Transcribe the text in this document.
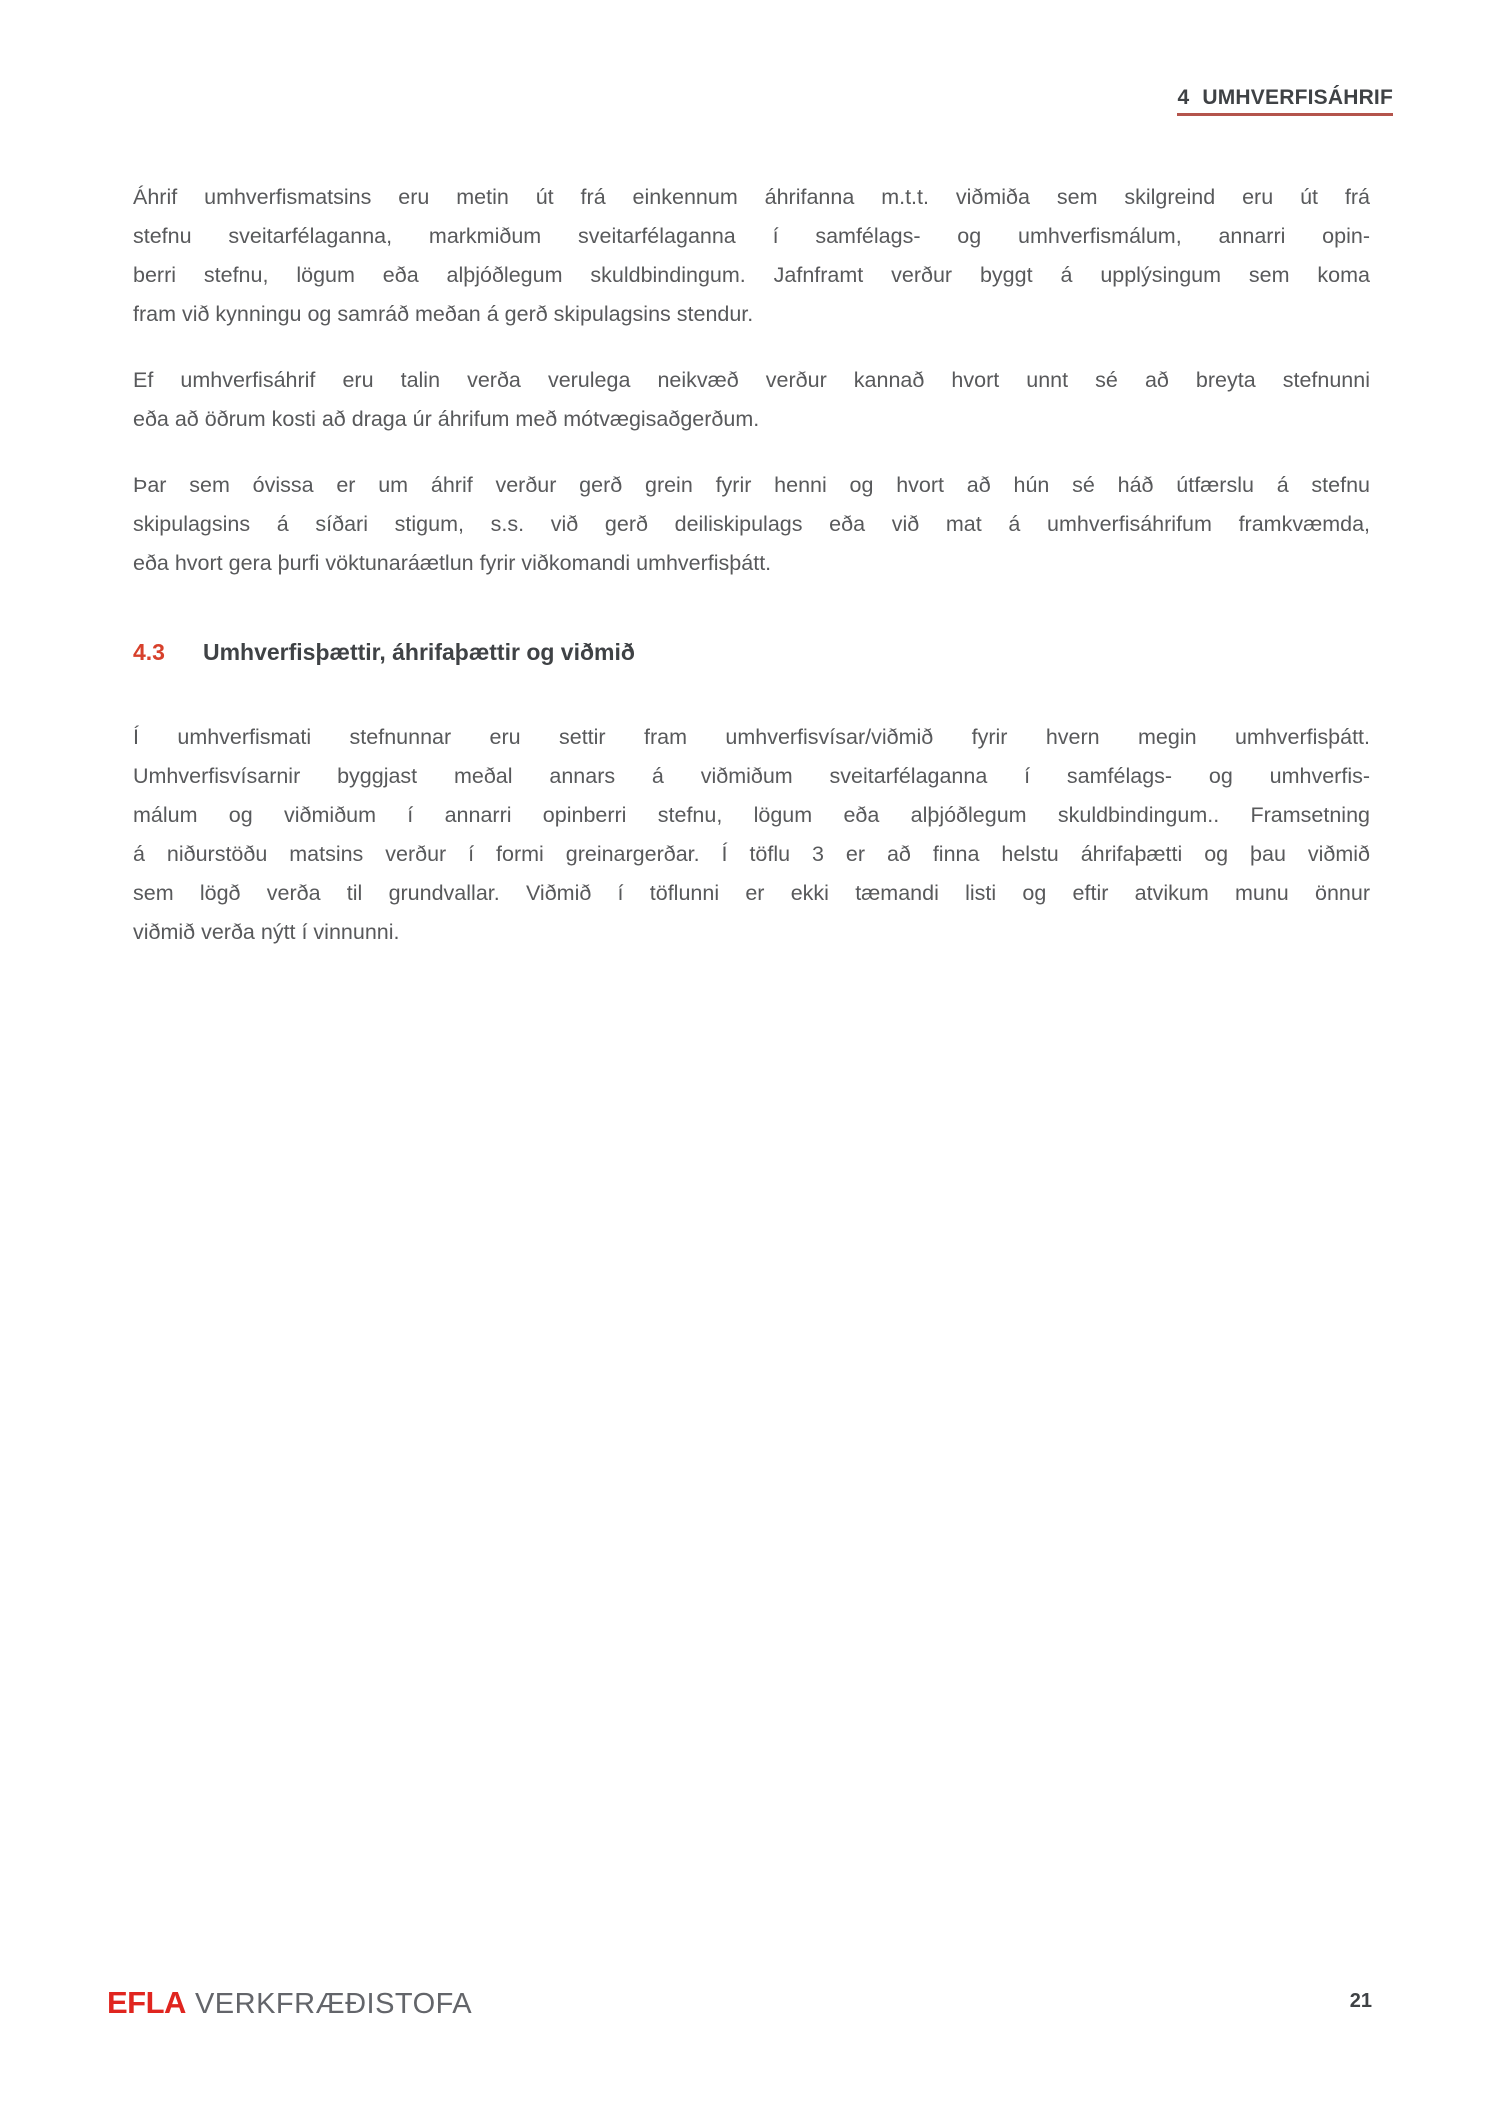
4 UMHVERFISÁHRIF
Áhrif umhverfismatsins eru metin út frá einkennum áhrifanna m.t.t. viðmiða sem skilgreind eru út frá
stefnu sveitarfélaganna, markmiðum sveitarfélaganna í samfélags- og umhverfismálum, annarri opin-
berri stefnu, lögum eða alþjóðlegum skuldbindingum. Jafnframt verður byggt á upplýsingum sem koma
fram við kynningu og samráð meðan á gerð skipulagsins stendur.
Ef umhverfisáhrif eru talin verða verulega neikvæð verður kannað hvort unnt sé að breyta stefnunni
eða að öðrum kosti að draga úr áhrifum með mótvægisaðgerðum.
Þar sem óvissa er um áhrif verður gerð grein fyrir henni og hvort að hún sé háð útfærslu á stefnu
skipulagsins á síðari stigum, s.s. við gerð deiliskipulags eða við mat á umhverfisáhrifum framkvæmda,
eða hvort gera þurfi vöktunaráætlun fyrir viðkomandi umhverfisþátt.
4.3 Umhverfisþættir, áhrifaþættir og viðmið
Í umhverfismati stefnunnar eru settir fram umhverfisvísar/viðmið fyrir hvern megin umhverfisþátt.
Umhverfisvísarnir byggjast meðal annars á viðmiðum sveitarfélaganna í samfélags- og umhverfis-
málum og viðmiðum í annarri opinberri stefnu, lögum eða alþjóðlegum skuldbindingum.. Framsetning
á niðurstöðu matsins verður í formi greinargerðar. Í töflu 3 er að finna helstu áhrifaþætti og þau viðmið
sem lögð verða til grundvallar. Viðmið í töflunni er ekki tæmandi listi og eftir atvikum munu önnur
viðmið verða nýtt í vinnunni.
EFLA VERKFRÆÐISTOFA	21
